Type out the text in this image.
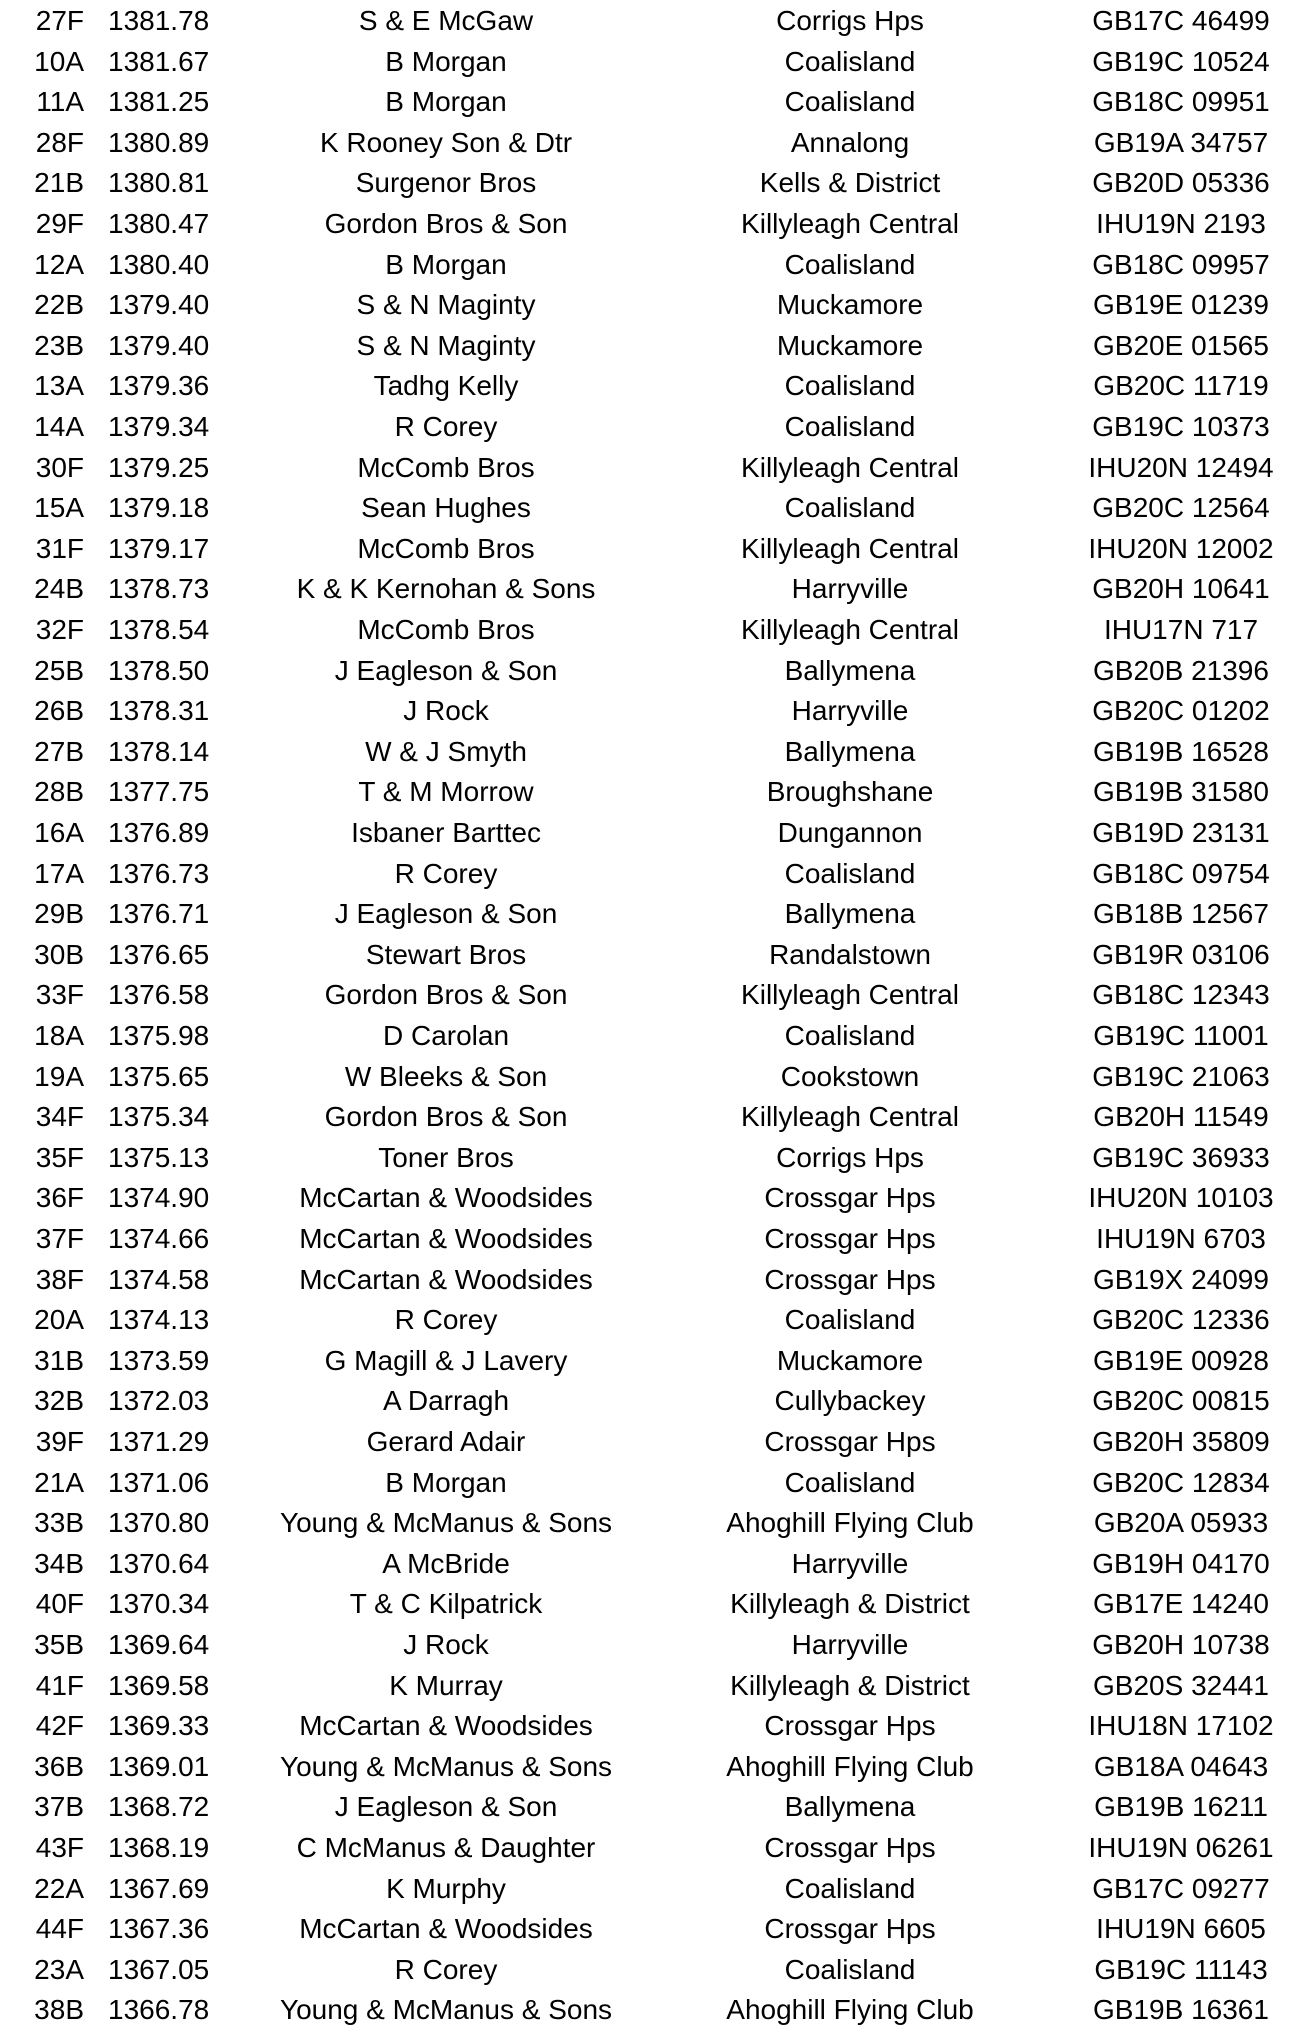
27F 1381.78	S & E McGaw	Corrigs Hps	GB17C 46499
10A 1381.67	B Morgan	Coalisland	GB19C 10524
11A 1381.25	B Morgan	Coalisland	GB18C 09951
28F 1380.89	K Rooney Son & Dtr	Annalong	GB19A 34757
21B 1380.81	Surgenor Bros	Kells & District	GB20D 05336
29F 1380.47	Gordon Bros & Son	Killyleagh Central	IHU19N 2193
12A 1380.40	B Morgan	Coalisland	GB18C 09957
22B 1379.40	S & N Maginty	Muckamore	GB19E 01239
23B 1379.40	S & N Maginty	Muckamore	GB20E 01565
13A 1379.36	Tadhg Kelly	Coalisland	GB20C 11719
14A 1379.34	R Corey	Coalisland	GB19C 10373
30F 1379.25	McComb Bros	Killyleagh Central	IHU20N 12494
15A 1379.18	Sean Hughes	Coalisland	GB20C 12564
31F 1379.17	McComb Bros	Killyleagh Central	IHU20N 12002
24B 1378.73	K & K Kernohan & Sons	Harryville	GB20H 10641
32F 1378.54	McComb Bros	Killyleagh Central	IHU17N 717
25B 1378.50	J Eagleson & Son	Ballymena	GB20B 21396
26B 1378.31	J Rock	Harryville	GB20C 01202
27B 1378.14	W & J Smyth	Ballymena	GB19B 16528
28B 1377.75	T & M Morrow	Broughshane	GB19B 31580
16A 1376.89	Isbaner Barttec	Dungannon	GB19D 23131
17A 1376.73	R Corey	Coalisland	GB18C 09754
29B 1376.71	J Eagleson & Son	Ballymena	GB18B 12567
30B 1376.65	Stewart Bros	Randalstown	GB19R 03106
33F 1376.58	Gordon Bros & Son	Killyleagh Central	GB18C 12343
18A 1375.98	D Carolan	Coalisland	GB19C 11001
19A 1375.65	W Bleeks & Son	Cookstown	GB19C 21063
34F 1375.34	Gordon Bros & Son	Killyleagh Central	GB20H 11549
35F 1375.13	Toner Bros	Corrigs Hps	GB19C 36933
36F 1374.90	McCartan & Woodsides	Crossgar Hps	IHU20N 10103
37F 1374.66	McCartan & Woodsides	Crossgar Hps	IHU19N 6703
38F 1374.58	McCartan & Woodsides	Crossgar Hps	GB19X 24099
20A 1374.13	R Corey	Coalisland	GB20C 12336
31B 1373.59	G Magill & J Lavery	Muckamore	GB19E 00928
32B 1372.03	A Darragh	Cullybackey	GB20C 00815
39F 1371.29	Gerard Adair	Crossgar Hps	GB20H 35809
21A 1371.06	B Morgan	Coalisland	GB20C 12834
33B 1370.80	Young & McManus & Sons	Ahoghill Flying Club	GB20A 05933
34B 1370.64	A McBride	Harryville	GB19H 04170
40F 1370.34	T & C Kilpatrick	Killyleagh & District	GB17E 14240
35B 1369.64	J Rock	Harryville	GB20H 10738
41F 1369.58	K Murray	Killyleagh & District	GB20S 32441
42F 1369.33	McCartan & Woodsides	Crossgar Hps	IHU18N 17102
36B 1369.01	Young & McManus & Sons	Ahoghill Flying Club	GB18A 04643
37B 1368.72	J Eagleson & Son	Ballymena	GB19B 16211
43F 1368.19	C McManus & Daughter	Crossgar Hps	IHU19N 06261
22A 1367.69	K Murphy	Coalisland	GB17C 09277
44F 1367.36	McCartan & Woodsides	Crossgar Hps	IHU19N 6605
23A 1367.05	R Corey	Coalisland	GB19C 11143
38B 1366.78	Young & McManus & Sons	Ahoghill Flying Club	GB19B 16361
